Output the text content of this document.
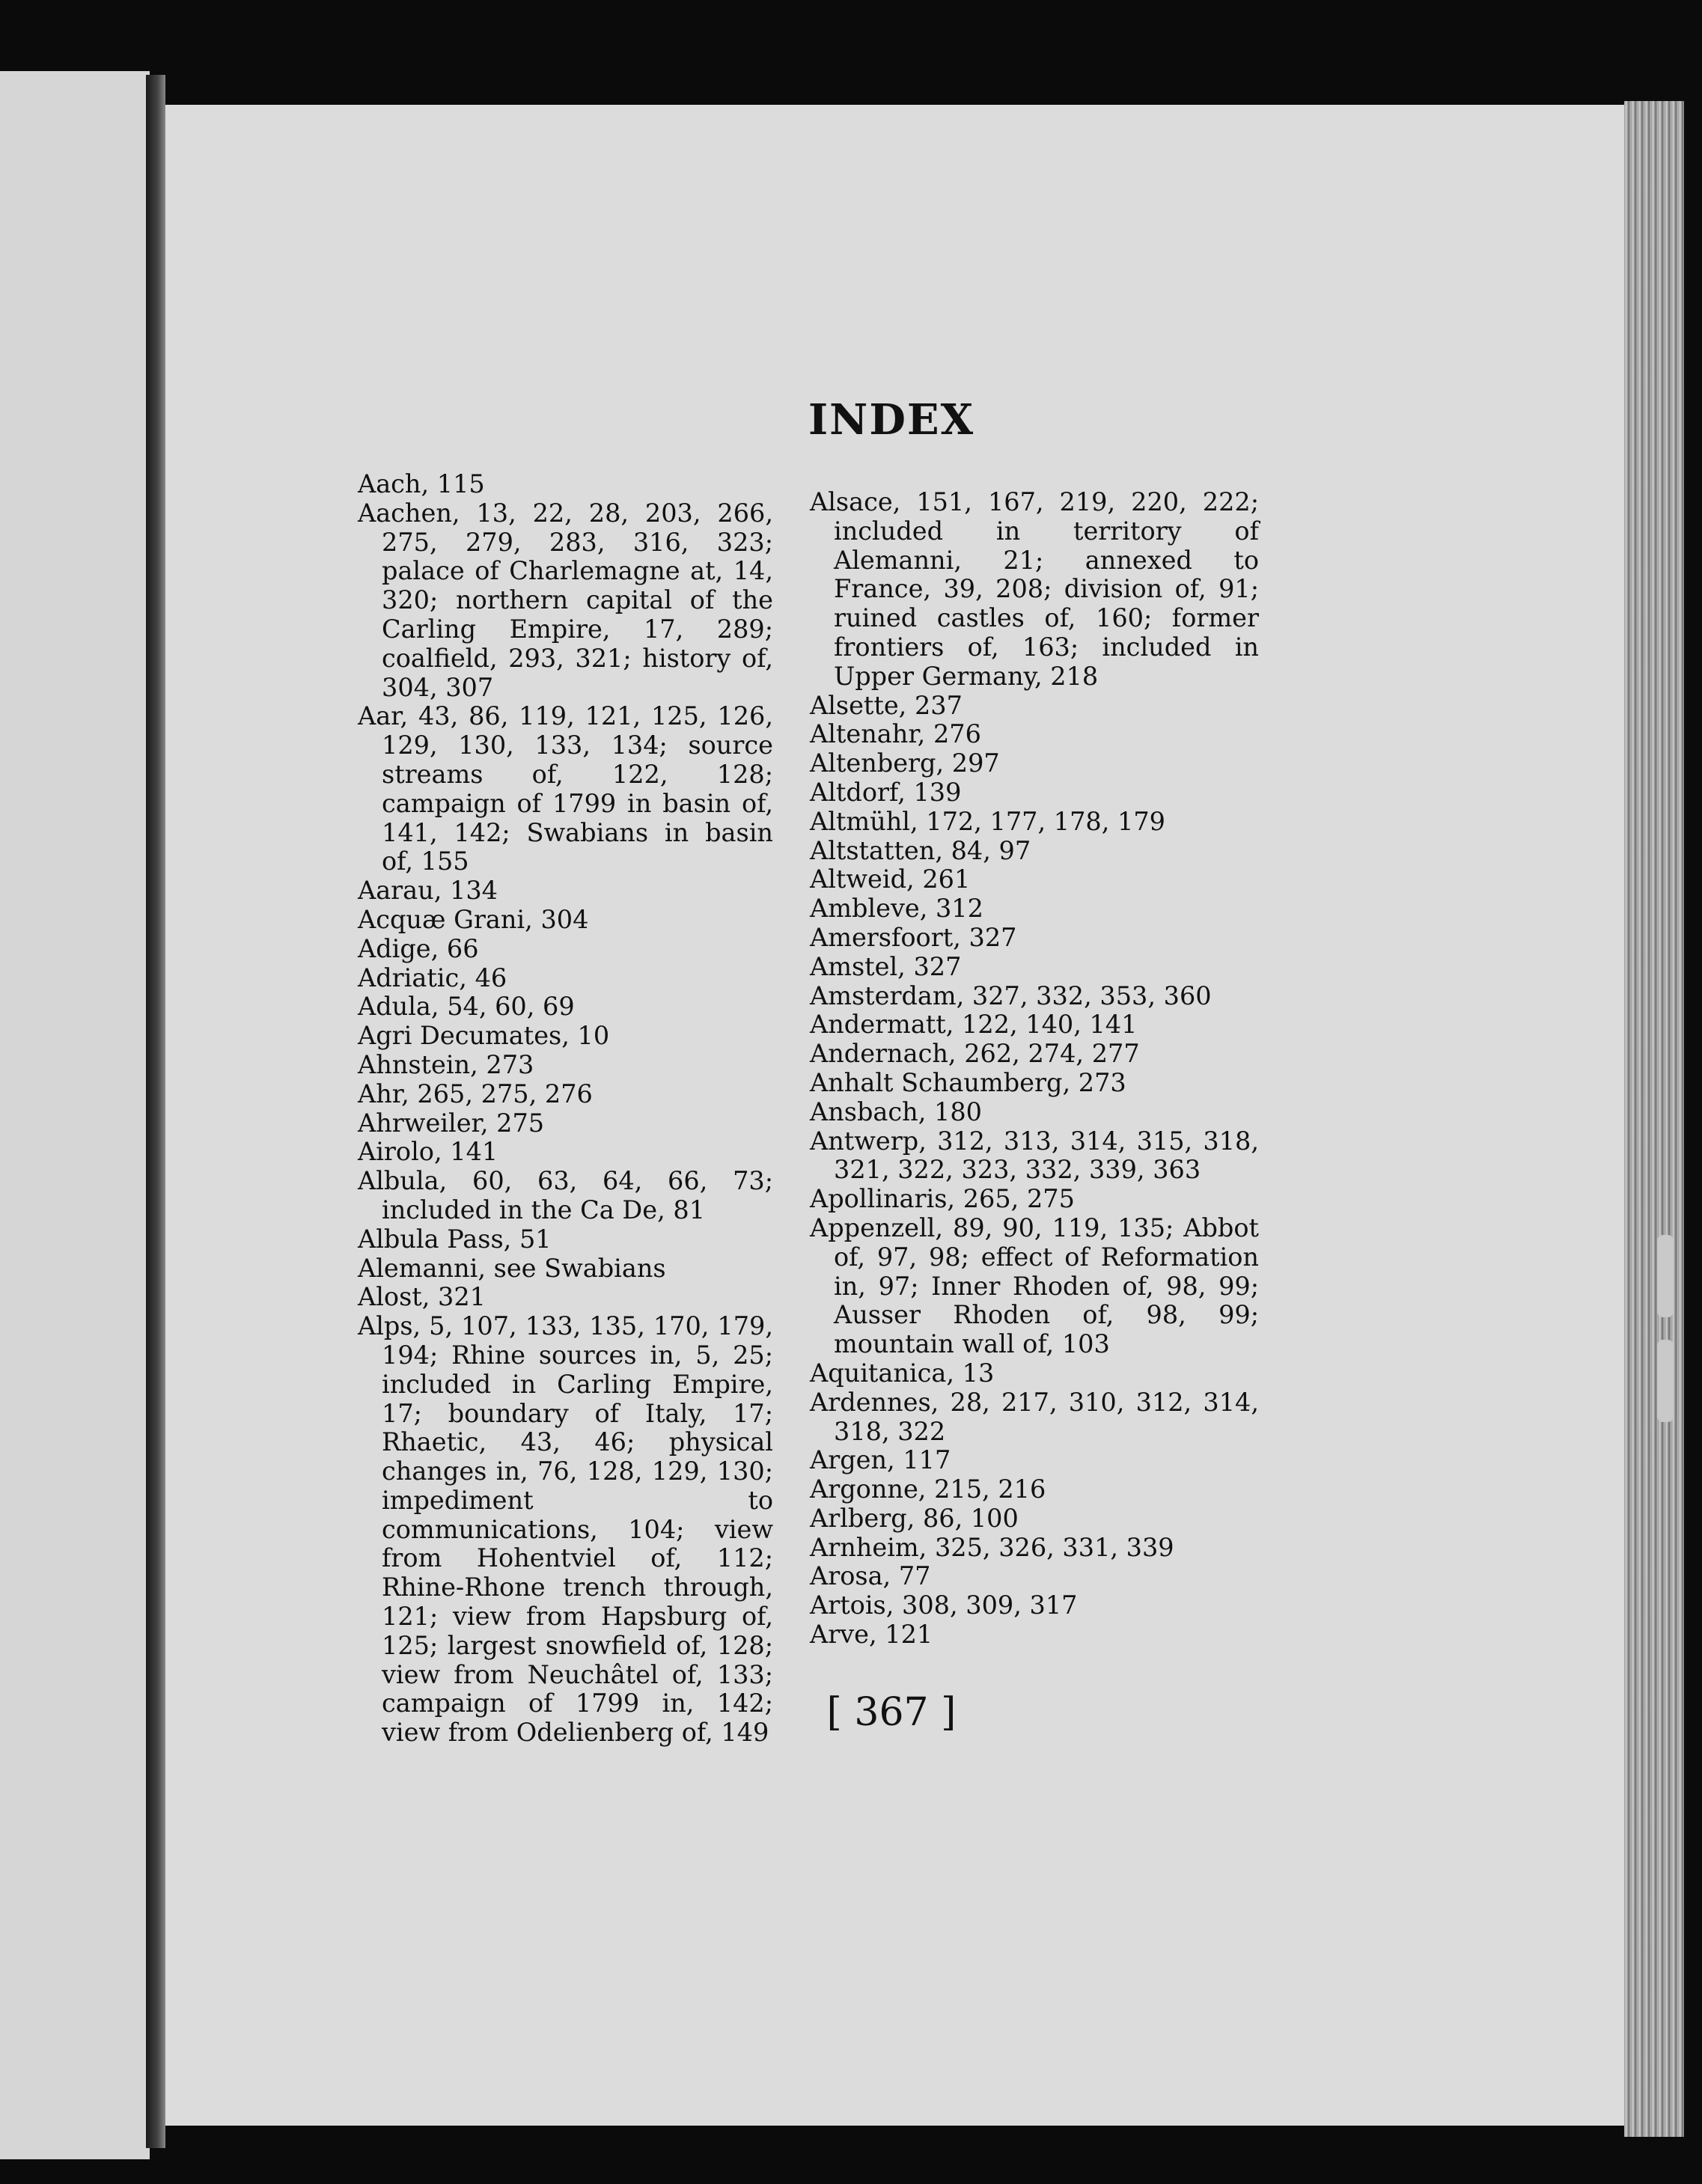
INDEX
Aach, 115
Aachen, 13, 22, 28, 203, 266, 275, 279, 283, 316, 323; palace of Charlemagne at, 14, 320; northern capital of the Carling Empire, 17, 289; coalfield, 293, 321; history of, 304, 307
Aar, 43, 86, 119, 121, 125, 126, 129, 130, 133, 134; source streams of, 122, 128; campaign of 1799 in basin of, 141, 142; Swabians in basin of, 155
Aarau, 134
Acquæ Grani, 304
Adige, 66
Adriatic, 46
Adula, 54, 60, 69
Agri Decumates, 10
Ahnstein, 273
Ahr, 265, 275, 276
Ahrweiler, 275
Airolo, 141
Albula, 60, 63, 64, 66, 73; included in the Ca De, 81
Albula Pass, 51
Alemanni, see Swabians
Alost, 321
Alps, 5, 107, 133, 135, 170, 179, 194; Rhine sources in, 5, 25; included in Carling Empire, 17; boundary of Italy, 17; Rhaetic, 43, 46; physical changes in, 76, 128, 129, 130; impediment to communications, 104; view from Hohentviel of, 112; Rhine-Rhone trench through, 121; view from Hapsburg of, 125; largest snowfield of, 128; view from Neuchâtel of, 133; campaign of 1799 in, 142; view from Odelienberg of, 149
Alsace, 151, 167, 219, 220, 222; included in territory of Alemanni, 21; annexed to France, 39, 208; division of, 91; ruined castles of, 160; former frontiers of, 163; included in Upper Germany, 218
Alsette, 237
Altenahr, 276
Altenberg, 297
Altdorf, 139
Altmühl, 172, 177, 178, 179
Altstatten, 84, 97
Altweid, 261
Ambleve, 312
Amersfoort, 327
Amstel, 327
Amsterdam, 327, 332, 353, 360
Andermatt, 122, 140, 141
Andernach, 262, 274, 277
Anhalt Schaumberg, 273
Ansbach, 180
Antwerp, 312, 313, 314, 315, 318, 321, 322, 323, 332, 339, 363
Apollinaris, 265, 275
Appenzell, 89, 90, 119, 135; Abbot of, 97, 98; effect of Reformation in, 97; Inner Rhoden of, 98, 99; Ausser Rhoden of, 98, 99; mountain wall of, 103
Aquitanica, 13
Ardennes, 28, 217, 310, 312, 314, 318, 322
Argen, 117
Argonne, 215, 216
Arlberg, 86, 100
Arnheim, 325, 326, 331, 339
Arosa, 77
Artois, 308, 309, 317
Arve, 121
[ 367 ]
